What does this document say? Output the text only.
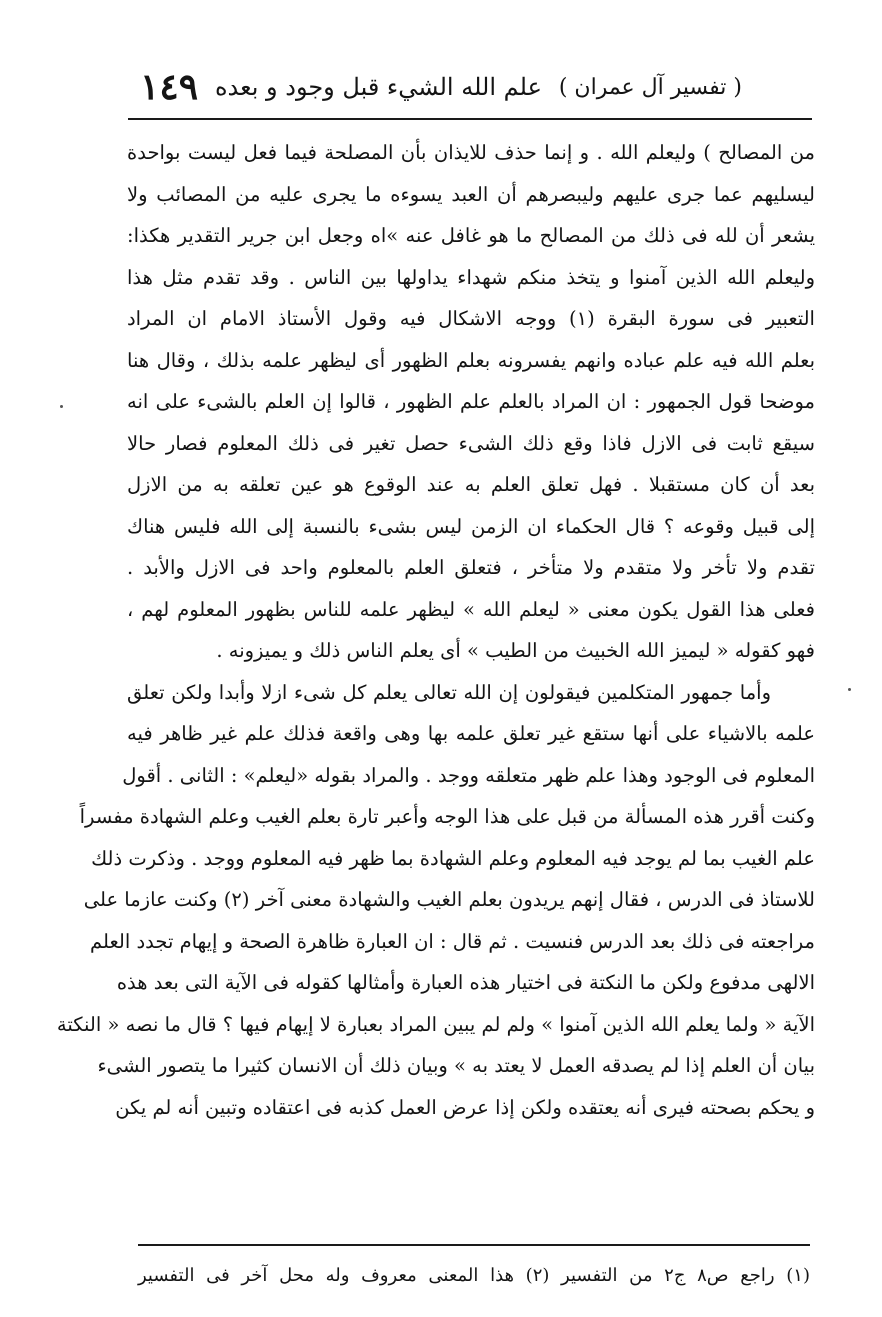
( تفسير آل عمران )
علم الله الشيء قبل وجود و بعده
١٤٩
من المصالح ) وليعلم الله . و إنما حذف للايذان بأن المصلحة فيما فعل ليست بواحدة
ليسليهم عما جرى عليهم وليبصرهم أن العبد يسوءه ما يجرى عليه من المصائب ولا
يشعر أن لله فى ذلك من المصالح ما هو غافل عنه »اه وجعل ابن جرير التقدير هكذا:
وليعلم الله الذين آمنوا و يتخذ منكم شهداء يداولها بين الناس . وقد تقدم مثل هذا
التعبير فى سورة البقرة (١) ووجه الاشكال فيه وقول الأستاذ الامام ان المراد
بعلم الله فيه علم عباده وانهم يفسرونه بعلم الظهور أى ليظهر علمه بذلك ، وقال هنا
موضحا قول الجمهور : ان المراد بالعلم علم الظهور ، قالوا إن العلم بالشىء على انه
سيقع ثابت فى الازل فاذا وقع ذلك الشىء حصل تغير فى ذلك المعلوم فصار حالا
بعد أن كان مستقبلا . فهل تعلق العلم به عند الوقوع هو عين تعلقه به من الازل
إلى قبيل وقوعه ؟ قال الحكماء ان الزمن ليس بشىء بالنسبة إلى الله فليس هناك
تقدم ولا تأخر ولا متقدم ولا متأخر ، فتعلق العلم بالمعلوم واحد فى الازل والأبد .
فعلى هذا القول يكون معنى « ليعلم الله » ليظهر علمه للناس بظهور المعلوم لهم ،
فهو كقوله « ليميز الله الخبيث من الطيب » أى يعلم الناس ذلك و يميزونه .
وأما جمهور المتكلمين فيقولون إن الله تعالى يعلم كل شىء ازلا وأبدا ولكن تعلق
علمه بالاشياء على أنها ستقع غير تعلق علمه بها وهى واقعة فذلك علم غير ظاهر فيه
المعلوم فى الوجود وهذا علم ظهر متعلقه ووجد . والمراد بقوله «ليعلم» : الثانى . أقول
وكنت أقرر هذه المسألة من قبل على هذا الوجه وأعبر تارة بعلم الغيب وعلم الشهادة مفسراً
علم الغيب بما لم يوجد فيه المعلوم وعلم الشهادة بما ظهر فيه المعلوم ووجد . وذكرت ذلك
للاستاذ فى الدرس ، فقال إنهم يريدون بعلم الغيب والشهادة معنى آخر (٢) وكنت عازما على
مراجعته فى ذلك بعد الدرس فنسيت . ثم قال : ان العبارة ظاهرة الصحة و إيهام تجدد العلم
الالهى مدفوع ولكن ما النكتة فى اختيار هذه العبارة وأمثالها كقوله فى الآية التى بعد هذه
الآية « ولما يعلم الله الذين آمنوا » ولم لم يبين المراد بعبارة لا إيهام فيها ؟ قال ما نصه « النكتة
بيان أن العلم إذا لم يصدقه العمل لا يعتد به » وبيان ذلك أن الانسان كثيرا ما يتصور الشىء
و يحكم بصحته فيرى أنه يعتقده ولكن إذا عرض العمل كذبه فى اعتقاده وتبين أنه لم يكن
(١) راجع ص٨ ج٢ من التفسير (٢) هذا المعنى معروف وله محل آخر فى التفسير
